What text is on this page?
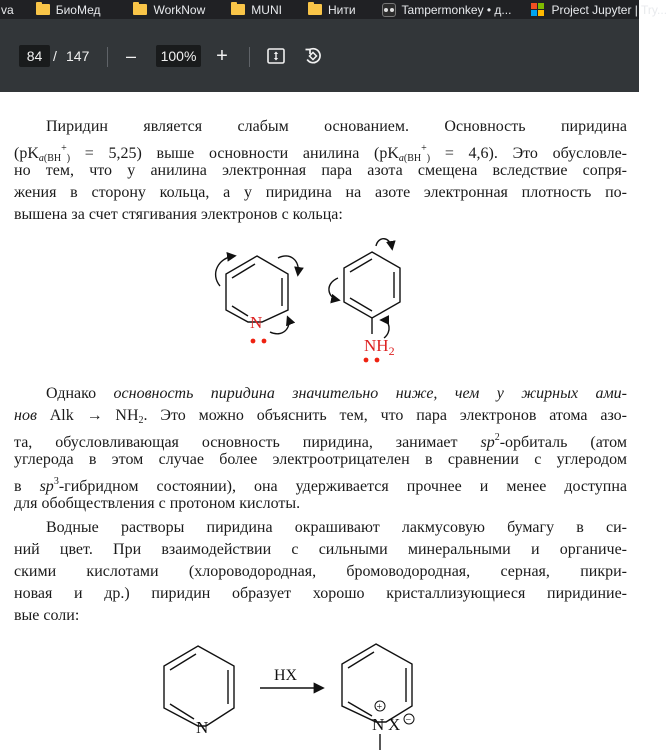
va	БиоМед	WorkNow	MUNI	Нити	Tampermonkey • д...	Project Jupyter | Try...
84 / 147 –	100% +
Пиридин является слабым основанием. Основность пиридина
$(pK_{a(BH}^+_) = 5,25)$ выше основности анилина $(pK_{a(BH}^+_) = 4,6)$. Это обусловле-
но тем, что у анилина электронная пара азота смещена вследствие сопря-
жения в сторону кольца, а у пиридина на азоте электронная плотность по-
вышена за счет стягивания электронов с кольца:
N
$NH_2$
Однако основность пиридина значительно ниже, чем у жирных ами-
нов Alk → $NH_2$. Это можно объяснить тем, что пара электронов атома азо-
та, обусловливающая основность пиридина, занимает $sp^2$-орбиталь (атом
углерода в этом случае более электроотрицателен в сравнении с углеродом
в $sp^3$-гибридном состоянии), она удерживается прочнее и менее доступна
для обобществления с протоном кислоты.
Водные растворы пиридина окрашивают лакмусовую бумагу в си-
ний цвет. При взаимодействии с сильными минеральными и органиче-
скими кислотами (хлороводородная, бромоводородная, серная, пикри-
новая и др.) пиридин образует хорошо кристаллизующиеся пиридиние-
вые соли:
N
HX
+
N X −
